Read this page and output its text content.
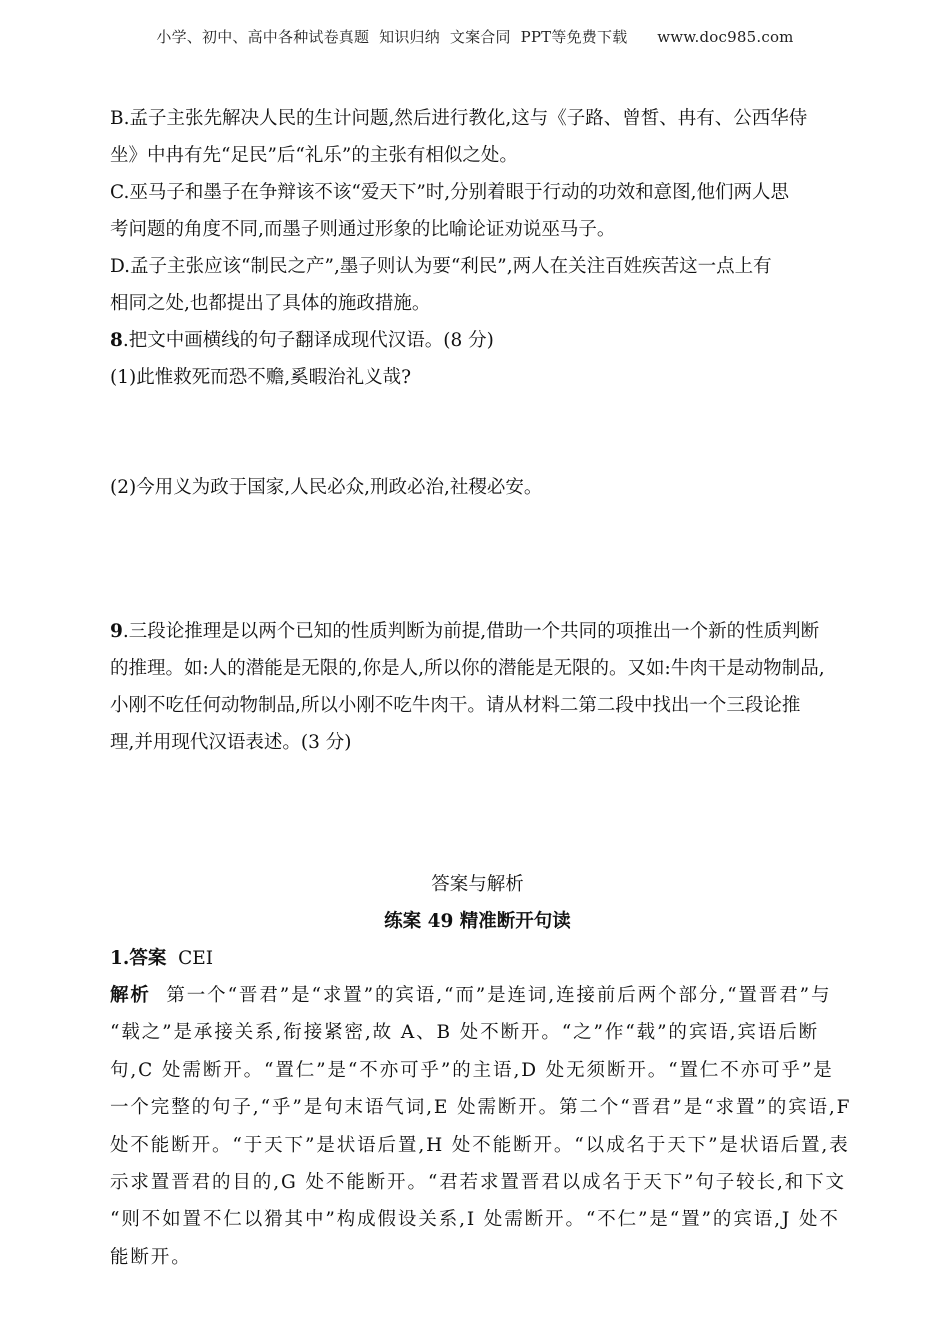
小学、初中、高中各种试卷真题  知识归纳  文案合同  PPT等免费下载      www.doc985.com
B.孟子主张先解决人民的生计问题,然后进行教化,这与《子路、曾皙、冉有、公西华侍
坐》中冉有先“足民”后“礼乐”的主张有相似之处。
C.巫马子和墨子在争辩该不该“爱天下”时,分别着眼于行动的功效和意图,他们两人思
考问题的角度不同,而墨子则通过形象的比喻论证劝说巫马子。
D.孟子主张应该“制民之产”,墨子则认为要“利民”,两人在关注百姓疾苦这一点上有
相同之处,也都提出了具体的施政措施。
8.把文中画横线的句子翻译成现代汉语。(8 分)
(1)此惟救死而恐不赡,奚暇治礼义哉?
(2)今用义为政于国家,人民必众,刑政必治,社稷必安。
9.三段论推理是以两个已知的性质判断为前提,借助一个共同的项推出一个新的性质判断
的推理。如:人的潜能是无限的,你是人,所以你的潜能是无限的。又如:牛肉干是动物制品,
小刚不吃任何动物制品,所以小刚不吃牛肉干。请从材料二第二段中找出一个三段论推
理,并用现代汉语表述。(3 分)
答案与解析
练案 49 精准断开句读
1.答案 CEI
解析 第一个“晋君”是“求置”的宾语,“而”是连词,连接前后两个部分,“置晋君”与
“载之”是承接关系,衔接紧密,故 A、B 处不断开。“之”作“载”的宾语,宾语后断
句,C 处需断开。“置仁”是“不亦可乎”的主语,D 处无须断开。“置仁不亦可乎”是
一个完整的句子,“乎”是句末语气词,E 处需断开。第二个“晋君”是“求置”的宾语,F
处不能断开。“于天下”是状语后置,H 处不能断开。“以成名于天下”是状语后置,表
示求置晋君的目的,G 处不能断开。“君若求置晋君以成名于天下”句子较长,和下文
“则不如置不仁以猾其中”构成假设关系,I 处需断开。“不仁”是“置”的宾语,J 处不
能断开。
